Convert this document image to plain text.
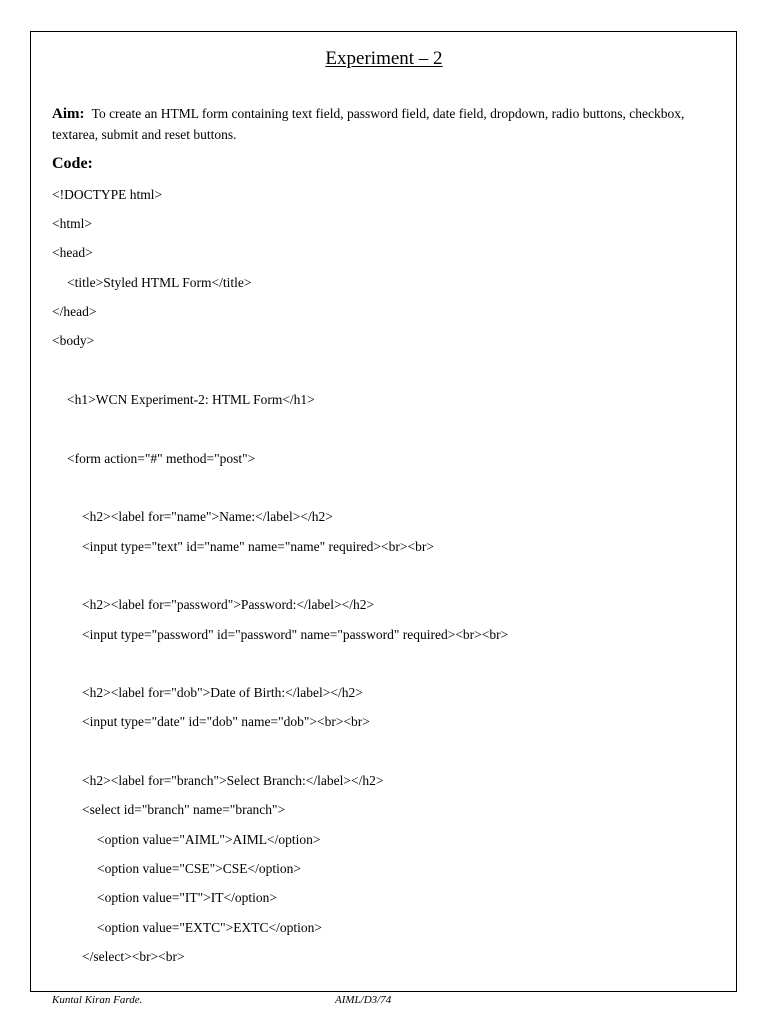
Experiment – 2
Aim: To create an HTML form containing text field, password field, date field, dropdown, radio buttons, checkbox, textarea, submit and reset buttons.
Code:
<!DOCTYPE html>
<html>
<head>
<title>Styled HTML Form</title>
</head>
<body>
<h1>WCN Experiment-2: HTML Form</h1>
<form action="#" method="post">
<h2><label for="name">Name:</label></h2>
<input type="text" id="name" name="name" required><br><br>
<h2><label for="password">Password:</label></h2>
<input type="password" id="password" name="password" required><br><br>
<h2><label for="dob">Date of Birth:</label></h2>
<input type="date" id="dob" name="dob"><br><br>
<h2><label for="branch">Select Branch:</label></h2>
<select id="branch" name="branch">
<option value="AIML">AIML</option>
<option value="CSE">CSE</option>
<option value="IT">IT</option>
<option value="EXTC">EXTC</option>
</select><br><br>
Kuntal Kiran Farde.	AIML/D3/74
